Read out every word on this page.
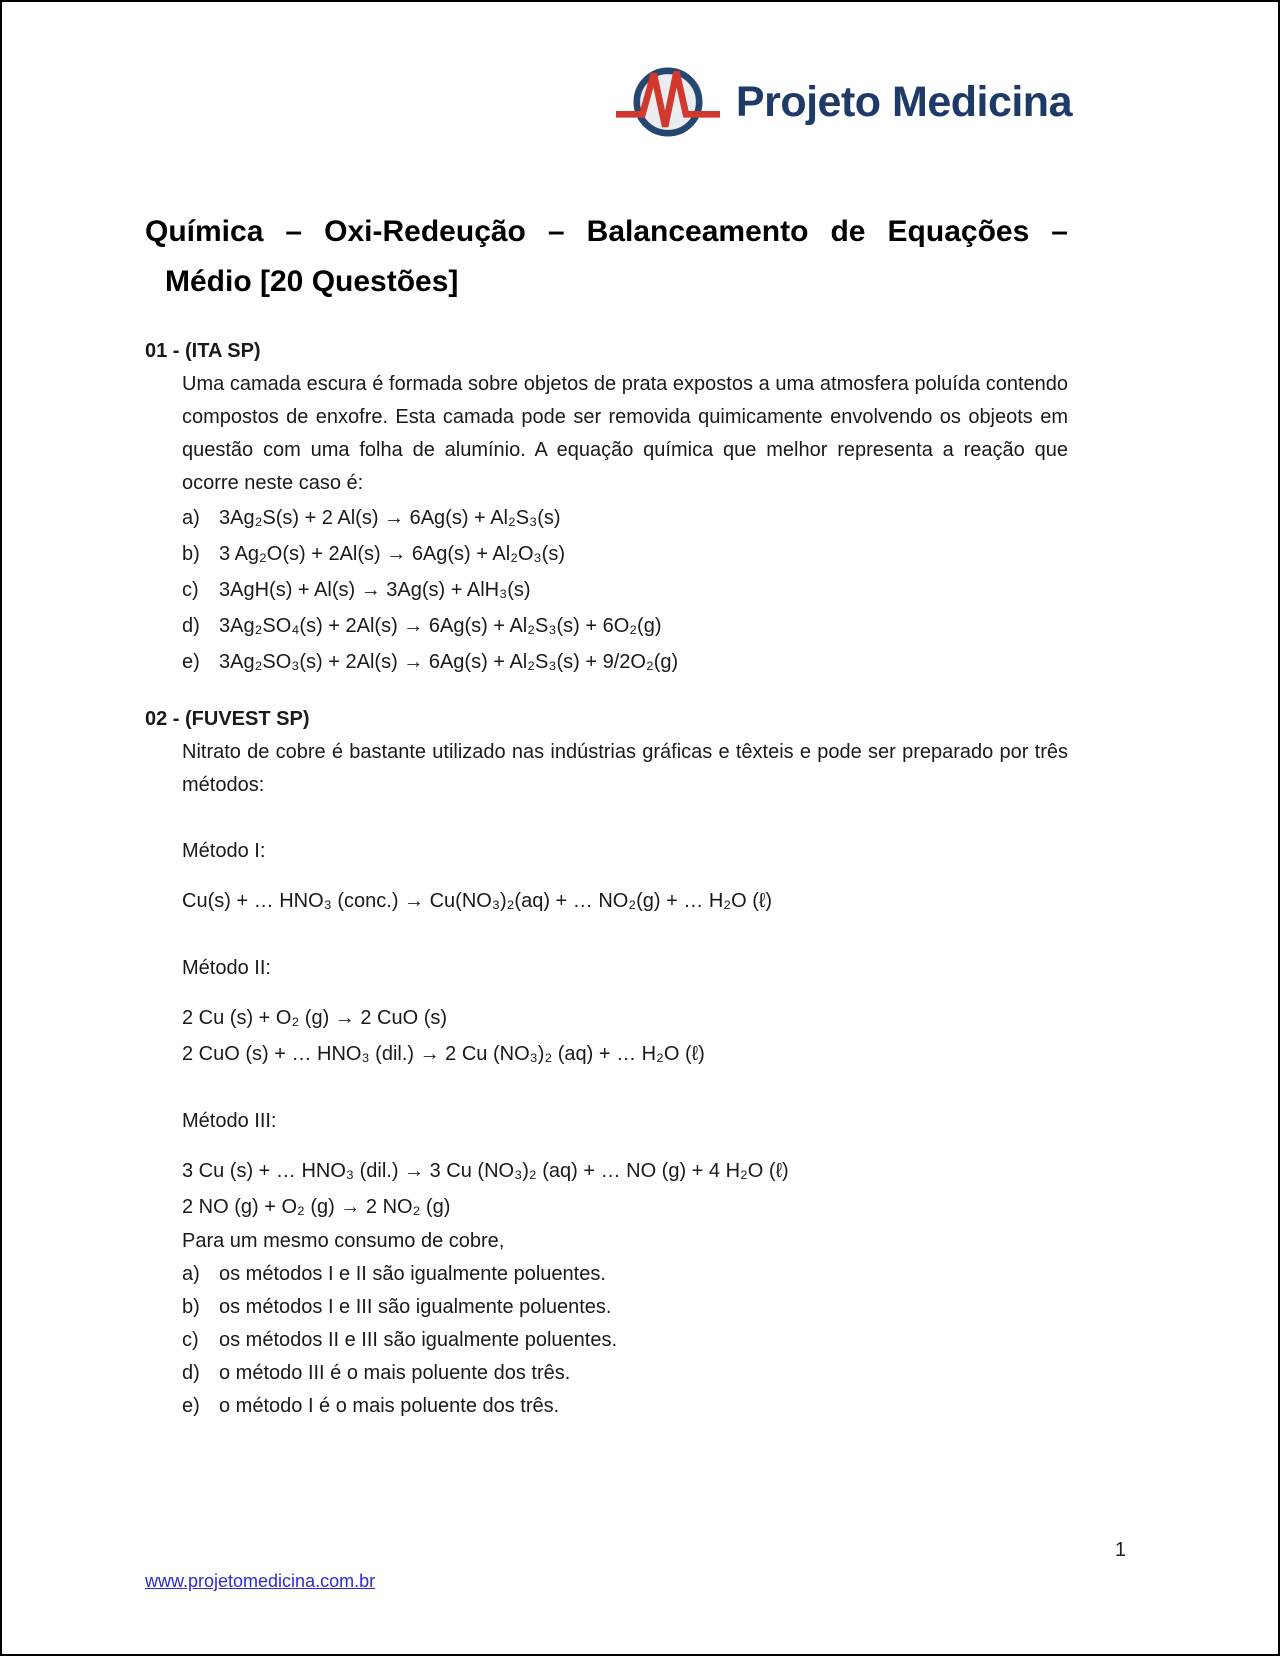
Projeto Medicina
Química – Oxi-Redeução – Balanceamento de Equações –
Médio [20 Questões]
01 - (ITA SP)
Uma camada escura é formada sobre objetos de prata expostos a uma atmosfera poluída contendo compostos de enxofre. Esta camada pode ser removida quimicamente envolvendo os objeots em questão com uma folha de alumínio. A equação química que melhor representa a reação que ocorre neste caso é:
a) 3Ag₂S(s) + 2 Al(s) → 6Ag(s) + Al₂S₃(s)
b) 3 Ag₂O(s) + 2Al(s) → 6Ag(s) + Al₂O₃(s)
c)	3AgH(s) + Al(s) → 3Ag(s) + AlH₃(s)
d) 3Ag₂SO₄(s) + 2Al(s) → 6Ag(s) + Al₂S₃(s) + 6O₂(g)
e) 3Ag₂SO₃(s) + 2Al(s) → 6Ag(s) + Al₂S₃(s) + 9/2O₂(g)
02 - (FUVEST SP)
Nitrato de cobre é bastante utilizado nas indústrias gráficas e têxteis e pode ser preparado por três métodos:
Método I:
Cu(s) + … HNO₃ (conc.) → Cu(NO₃)₂(aq) + … NO₂(g) + … H₂O (ℓ)
Método II:
2 Cu (s) + O₂ (g) → 2 CuO (s)
2 CuO (s) + … HNO₃ (dil.) → 2 Cu (NO₃)₂ (aq) + … H₂O (ℓ)
Método III:
3 Cu (s) + … HNO₃ (dil.) → 3 Cu (NO₃)₂ (aq) + … NO (g) + 4 H₂O (ℓ)
2 NO (g) + O₂ (g) → 2 NO₂ (g)
Para um mesmo consumo de cobre,
a) os métodos I e II são igualmente poluentes.
b) os métodos I e III são igualmente poluentes.
c)	os métodos II e III são igualmente poluentes.
d) o método III é o mais poluente dos três.
e) o método I é o mais poluente dos três.
1
www.projetomedicina.com.br
